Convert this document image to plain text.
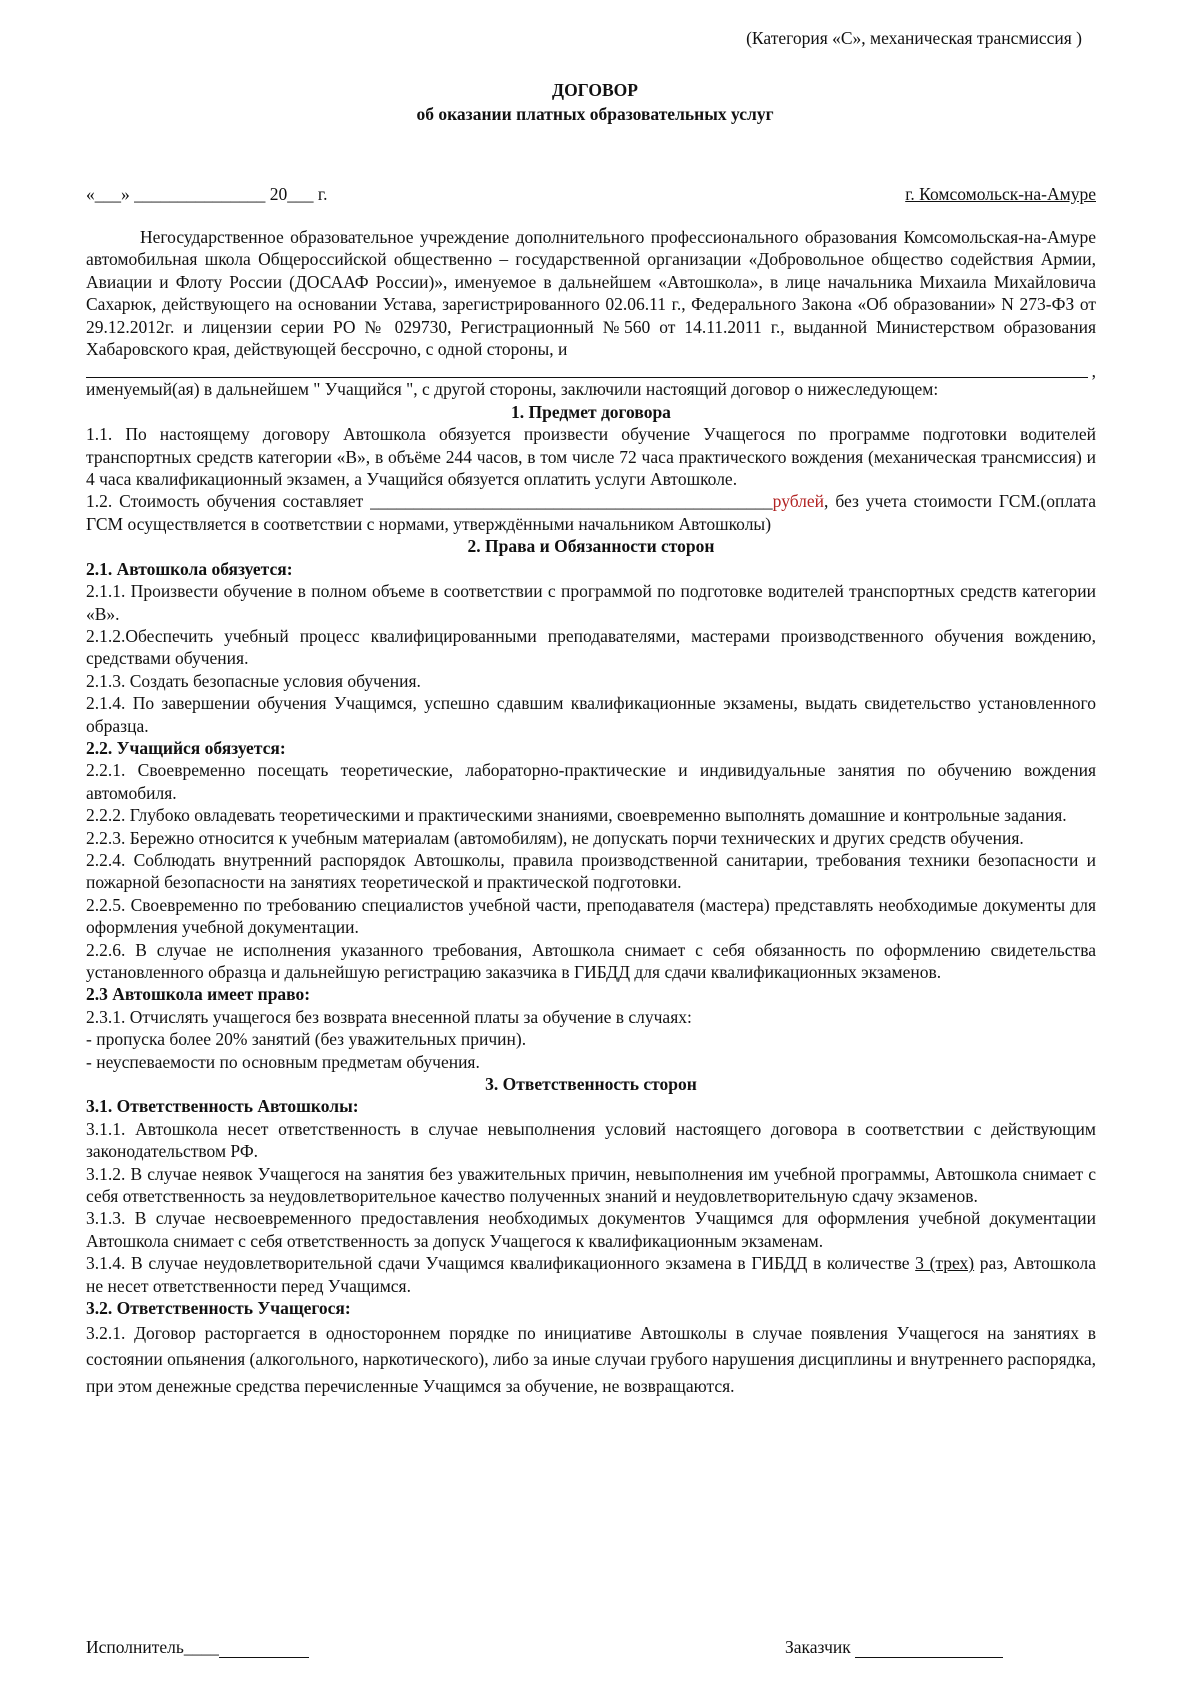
(Категория «С», механическая трансмиссия )
ДОГОВОР
об оказании платных образовательных услуг
«___» _______________ 20___ г.	г. Комсомольск-на-Амуре

Негосударственное образовательное учреждение дополнительного профессионального образования Комсомольская-на-Амуре автомобильная школа Общероссийской общественно – государственной организации «Добровольное общество содействия Армии, Авиации и Флоту России (ДОСААФ России)», именуемое в дальнейшем «Автошкола», в лице начальника Михаила Михайловича Сахарюк, действующего на основании Устава, зарегистрированного 02.06.11 г., Федерального Закона «Об образовании» N 273-ФЗ от 29.12.2012г. и лицензии серии РО № 029730, Регистрационный №560 от 14.11.2011 г., выданной Министерством образования Хабаровского края, действующей бессрочно, с одной стороны, и

,

именуемый(ая) в дальнейшем " Учащийся ", с другой стороны, заключили настоящий договор о нижеследующем:

1. Предмет договора

1.1. По настоящему договору Автошкола обязуется произвести обучение Учащегося по программе подготовки водителей транспортных средств категории «В», в объёме 244 часов, в том числе 72 часа практического вождения (механическая трансмиссия) и 4 часа квалификационный экзамен, а Учащийся обязуется оплатить услуги Автошколе.

1.2. Стоимость обучения составляет ______________________________________________рублей, без учета стоимости ГСМ.(оплата ГСМ осуществляется в соответствии с нормами, утверждёнными начальником Автошколы)

2. Права и Обязанности сторон

2.1. Автошкола обязуется:

2.1.1. Произвести обучение в полном объеме в соответствии с программой по подготовке водителей транспортных средств категории «В».

2.1.2.Обеспечить учебный процесс квалифицированными преподавателями, мастерами производственного обучения вождению, средствами обучения.

2.1.3. Создать безопасные условия обучения.

2.1.4. По завершении обучения Учащимся, успешно сдавшим квалификационные экзамены, выдать свидетельство установленного образца.

2.2. Учащийся обязуется:

2.2.1. Своевременно посещать теоретические, лабораторно-практические и индивидуальные занятия по обучению вождения автомобиля.

2.2.2. Глубоко овладевать теоретическими и практическими знаниями, своевременно выполнять домашние и контрольные задания.

2.2.3. Бережно относится к учебным материалам (автомобилям), не допускать порчи технических и других средств обучения.

2.2.4. Соблюдать внутренний распорядок Автошколы, правила производственной санитарии, требования техники безопасности и пожарной безопасности на занятиях теоретической и практической подготовки.

2.2.5. Своевременно по требованию специалистов учебной части, преподавателя (мастера) представлять необходимые документы для оформления учебной документации.

2.2.6. В случае не исполнения указанного требования, Автошкола снимает с себя обязанность по оформлению свидетельства установленного образца и дальнейшую регистрацию заказчика в ГИБДД для сдачи квалификационных экзаменов.

2.3 Автошкола имеет право:

2.3.1. Отчислять учащегося без возврата внесенной платы за обучение в случаях:

- пропуска более 20% занятий (без уважительных причин).

- неуспеваемости по основным предметам обучения.

3. Ответственность сторон

3.1. Ответственность Автошколы:

3.1.1. Автошкола несет ответственность в случае невыполнения условий настоящего договора в соответствии с действующим законодательством РФ.

3.1.2. В случае неявок Учащегося на занятия без уважительных причин, невыполнения им учебной программы, Автошкола снимает с себя ответственность за неудовлетворительное качество полученных знаний и неудовлетворительную сдачу экзаменов.

3.1.3. В случае несвоевременного предоставления необходимых документов Учащимся для оформления учебной документации Автошкола снимает с себя ответственность за допуск Учащегося к квалификационным экзаменам.

3.1.4. В случае неудовлетворительной сдачи Учащимся квалификационного экзамена в ГИБДД в количестве 3 (трех) раз, Автошкола не несет ответственности перед Учащимся.

3.2. Ответственность Учащегося:

3.2.1. Договор расторгается в одностороннем порядке по инициативе Автошколы в случае появления Учащегося на занятиях в состоянии опьянения (алкогольного, наркотического), либо за иные случаи грубого нарушения дисциплины и внутреннего распорядка, при этом денежные средства перечисленные Учащимся за обучение, не возвращаются.

Исполнитель____	Заказчик
